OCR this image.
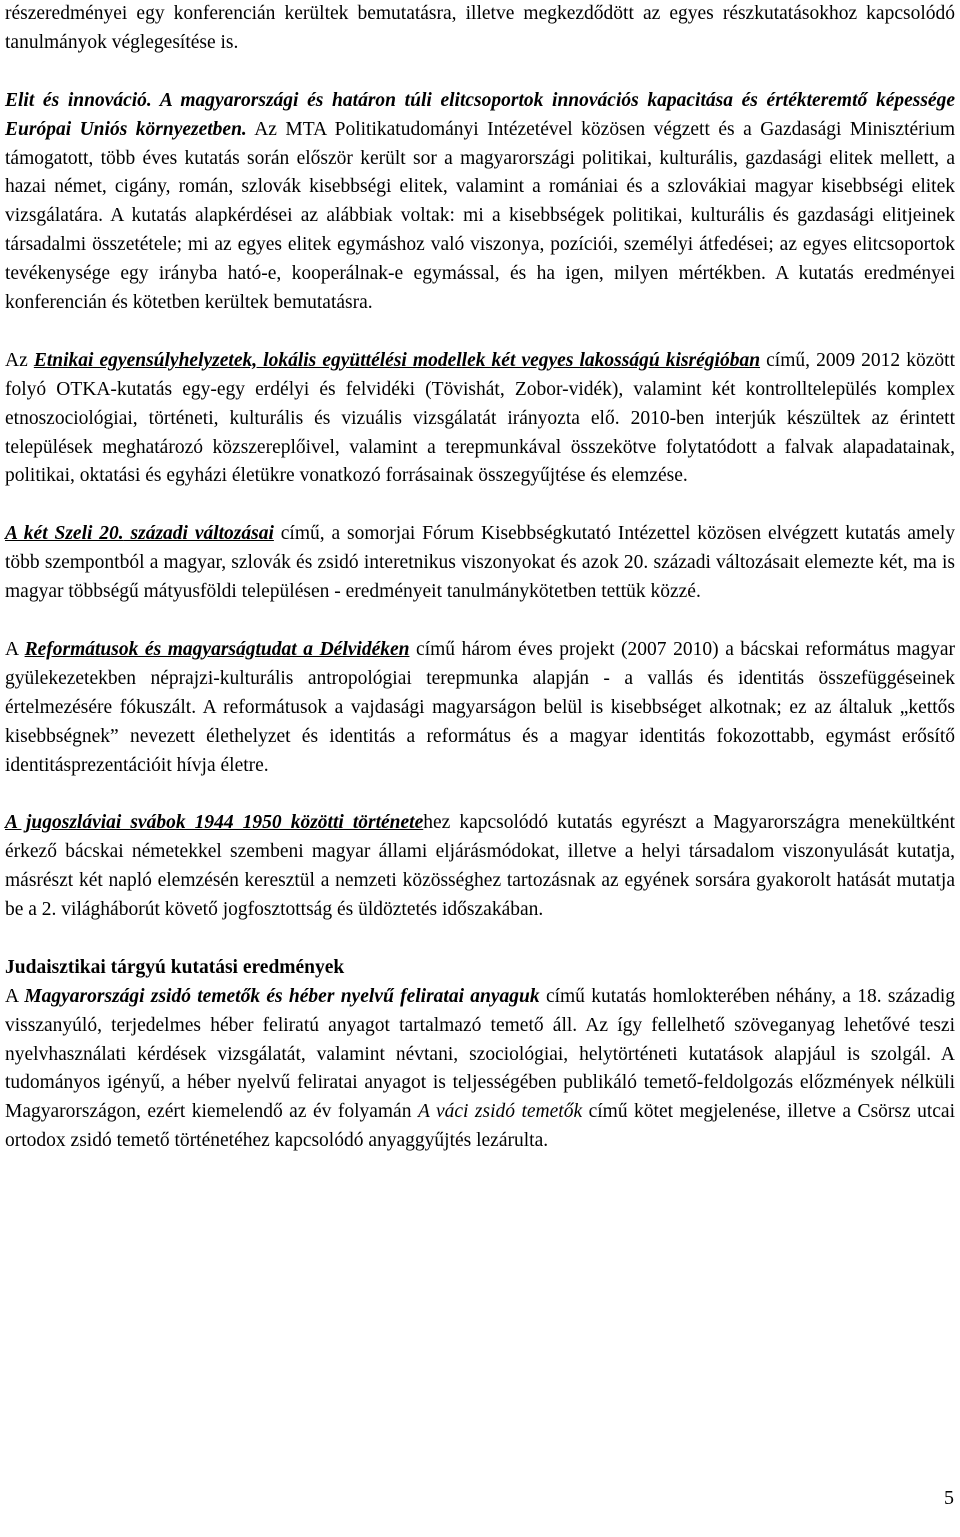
részeredményei egy konferencián kerültek bemutatásra, illetve megkezdődött az egyes részkutatásokhoz kapcsolódó tanulmányok véglegesítése is.

Elit és innováció. A magyarországi és határon túli elitcsoportok innovációs kapacitása és értékteremtő képessége Európai Uniós környezetben. Az MTA Politikatudományi Intézetével közösen végzett és a Gazdasági Minisztérium támogatott, több éves kutatás során először került sor a magyarországi politikai, kulturális, gazdasági elitek mellett, a hazai német, cigány, román, szlovák kisebbségi elitek, valamint a romániai és a szlovákiai magyar kisebbségi elitek vizsgálatára. A kutatás alapkérdései az alábbiak voltak: mi a kisebbségek politikai, kulturális és gazdasági elitjeinek társadalmi összetétele; mi az egyes elitek egymáshoz való viszonya, pozíciói, személyi átfedései; az egyes elitcsoportok tevékenysége egy irányba ható-e, kooperálnak-e egymással, és ha igen, milyen mértékben. A kutatás eredményei konferencián és kötetben kerültek bemutatásra.

Az Etnikai egyensúlyhelyzetek, lokális együttélési modellek két vegyes lakosságú kisrégióban című, 2009 2012 között folyó OTKA-kutatás egy-egy erdélyi és felvidéki (Tövishát, Zobor-vidék), valamint két kontrolltelepülés komplex etnoszociológiai, történeti, kulturális és vizuális vizsgálatát irányozta elő. 2010-ben interjúk készültek az érintett települések meghatározó közszereplőivel, valamint a terepmunkával összekötve folytatódott a falvak alapadatainak, politikai, oktatási és egyházi életükre vonatkozó forrásainak összegyűjtése és elemzése.

A két Szeli 20. századi változásai című, a somorjai Fórum Kisebbségkutató Intézettel közösen elvégzett kutatás amely több szempontból a magyar, szlovák és zsidó interetnikus viszonyokat és azok 20. századi változásait elemezte két, ma is magyar többségű mátyusföldi településen - eredményeit tanulmánykötetben tettük közzé.

A Reformátusok és magyarságtudat a Délvidéken című három éves projekt (2007 2010) a bácskai református magyar gyülekezetekben néprajzi-kulturális antropológiai terepmunka alapján - a vallás és identitás összefüggéseinek értelmezésére fókuszált. A reformátusok a vajdasági magyarságon belül is kisebbséget alkotnak; ez az általuk „kettős kisebbségnek” nevezett élethelyzet és identitás a református és a magyar identitás fokozottabb, egymást erősítő identitásprezentációit hívja életre.

A jugoszláviai svábok 1944 1950 közötti történetehez kapcsolódó kutatás egyrészt a Magyarországra menekültként érkező bácskai németekkel szembeni magyar állami eljárásmódokat, illetve a helyi társadalom viszonyulását kutatja, másrészt két napló elemzésén keresztül a nemzeti közösséghez tartozásnak az egyének sorsára gyakorolt hatását mutatja be a 2. világháborút követő jogfosztottság és üldöztetés időszakában.

Judaisztikai tárgyú kutatási eredmények

A Magyarországi zsidó temetők és héber nyelvű feliratai anyaguk című kutatás homlokterében néhány, a 18. századig visszanyúló, terjedelmes héber feliratú anyagot tartalmazó temető áll. Az így fellelhető szöveganyag lehetővé teszi nyelvhasználati kérdések vizsgálatát, valamint névtani, szociológiai, helytörténeti kutatások alapjául is szolgál. A tudományos igényű, a héber nyelvű feliratai anyagot is teljességében publikáló temető-feldolgozás előzmények nélküli Magyarországon, ezért kiemelendő az év folyamán A váci zsidó temetők című kötet megjelenése, illetve a Csörsz utcai ortodox zsidó temető történetéhez kapcsolódó anyaggyűjtés lezárulta.

5
